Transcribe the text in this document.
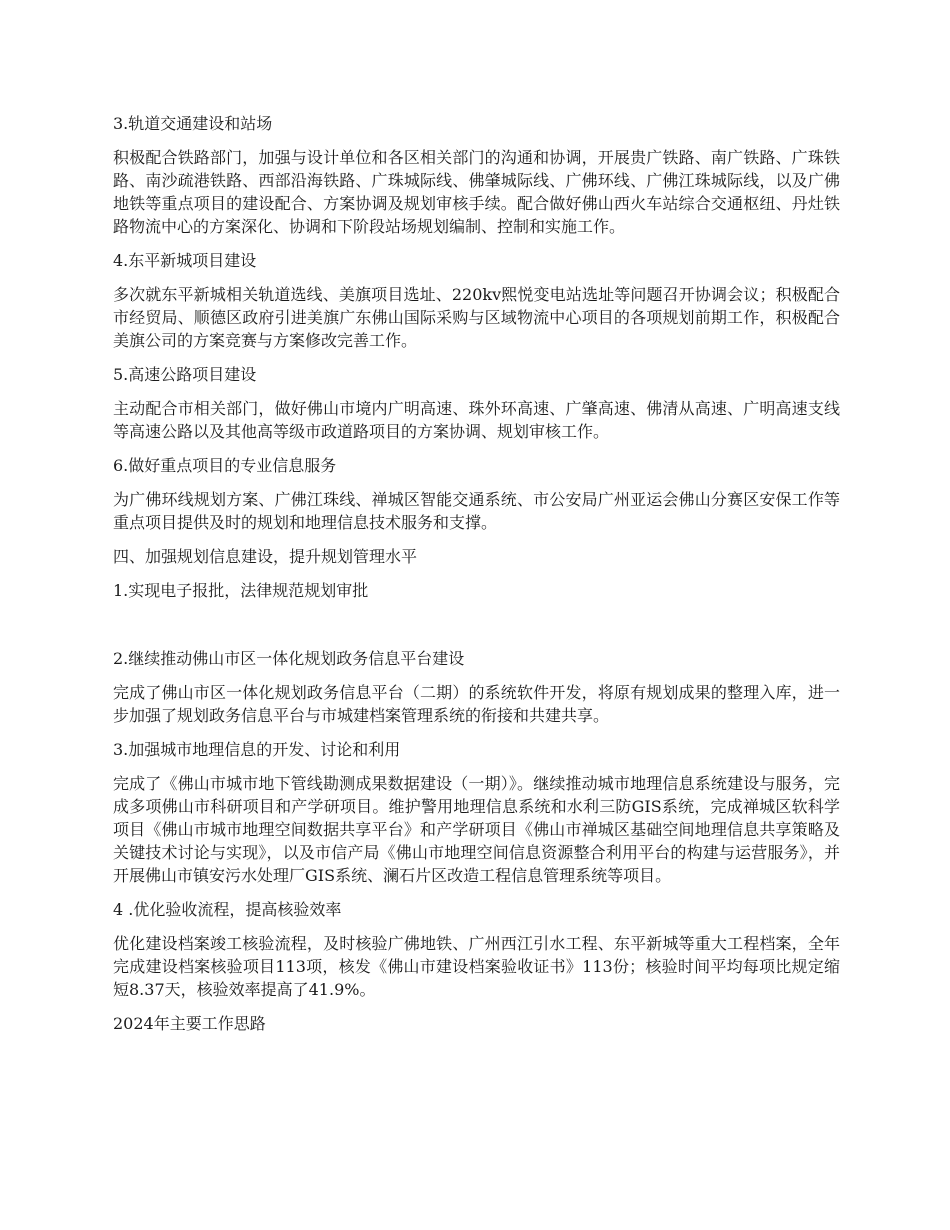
3.轨道交通建设和站场

积极配合铁路部门，加强与设计单位和各区相关部门的沟通和协调，开展贵广铁路、南广铁路、广珠铁路、南沙疏港铁路、西部沿海铁路、广珠城际线、佛肇城际线、广佛环线、广佛江珠城际线，以及广佛地铁等重点项目的建设配合、方案协调及规划审核手续。配合做好佛山西火车站综合交通枢纽、丹灶铁路物流中心的方案深化、协调和下阶段站场规划编制、控制和实施工作。

4.东平新城项目建设

多次就东平新城相关轨道选线、美旗项目选址、220kv熙悦变电站选址等问题召开协调会议；积极配合市经贸局、顺德区政府引进美旗广东佛山国际采购与区域物流中心项目的各项规划前期工作，积极配合美旗公司的方案竞赛与方案修改完善工作。

5.高速公路项目建设

主动配合市相关部门，做好佛山市境内广明高速、珠外环高速、广肇高速、佛清从高速、广明高速支线等高速公路以及其他高等级市政道路项目的方案协调、规划审核工作。

6.做好重点项目的专业信息服务

为广佛环线规划方案、广佛江珠线、禅城区智能交通系统、市公安局广州亚运会佛山分赛区安保工作等重点项目提供及时的规划和地理信息技术服务和支撑。

四、加强规划信息建设，提升规划管理水平

1.实现电子报批，法律规范规划审批

2.继续推动佛山市区一体化规划政务信息平台建设

完成了佛山市区一体化规划政务信息平台（二期）的系统软件开发，将原有规划成果的整理入库，进一步加强了规划政务信息平台与市城建档案管理系统的衔接和共建共享。

3.加强城市地理信息的开发、讨论和利用

完成了《佛山市城市地下管线勘测成果数据建设（一期）》。继续推动城市地理信息系统建设与服务，完成多项佛山市科研项目和产学研项目。维护警用地理信息系统和水利三防GIS系统，完成禅城区软科学项目《佛山市城市地理空间数据共享平台》和产学研项目《佛山市禅城区基础空间地理信息共享策略及关键技术讨论与实现》，以及市信产局《佛山市地理空间信息资源整合利用平台的构建与运营服务》，并开展佛山市镇安污水处理厂GIS系统、澜石片区改造工程信息管理系统等项目。

4 .优化验收流程，提高核验效率

优化建设档案竣工核验流程，及时核验广佛地铁、广州西江引水工程、东平新城等重大工程档案，全年完成建设档案核验项目113项，核发《佛山市建设档案验收证书》113份；核验时间平均每项比规定缩短8.37天，核验效率提高了41.9%。

2024年主要工作思路
